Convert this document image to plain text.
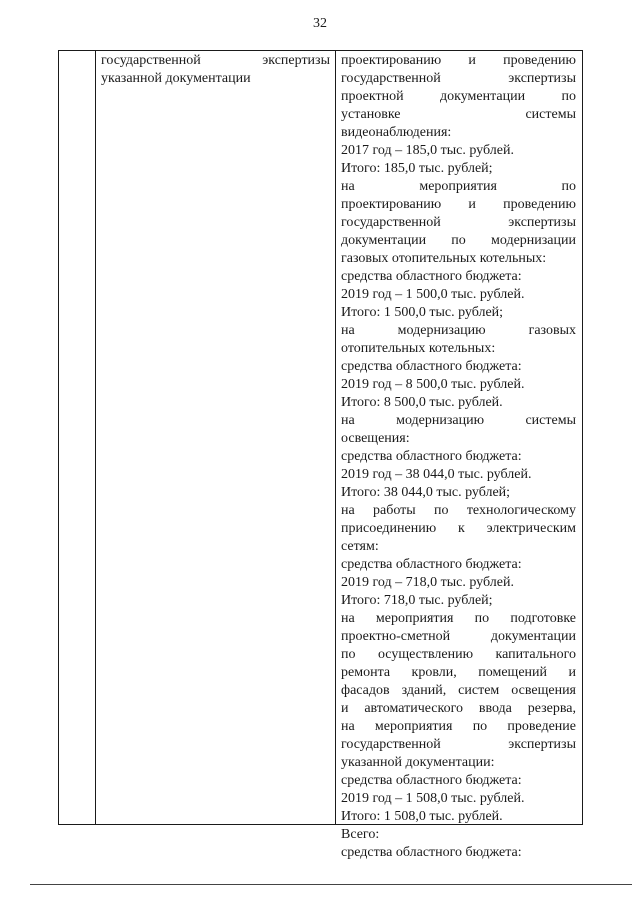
32
государственной экспертизы
указанной документации
проектированию и проведению
государственной экспертизы
проектной документации по
установке системы
видеонаблюдения:
2017 год – 185,0 тыс. рублей.
Итого: 185,0 тыс. рублей;
на мероприятия по
проектированию и проведению
государственной экспертизы
документации по модернизации
газовых отопительных котельных:
средства областного бюджета:
2019 год – 1 500,0 тыс. рублей.
Итого: 1 500,0 тыс. рублей;
на модернизацию газовых
отопительных котельных:
средства областного бюджета:
2019 год – 8 500,0 тыс. рублей.
Итого: 8 500,0 тыс. рублей.
на модернизацию системы
освещения:
средства областного бюджета:
2019 год – 38 044,0 тыс. рублей.
Итого: 38 044,0 тыс. рублей;
на работы по технологическому
присоединению к электрическим
сетям:
средства областного бюджета:
2019 год – 718,0 тыс. рублей.
Итого: 718,0 тыс. рублей;
на мероприятия по подготовке
проектно-сметной документации
по осуществлению капитального
ремонта кровли, помещений и
фасадов зданий, систем освещения
и автоматического ввода резерва,
на мероприятия по проведение
государственной экспертизы
указанной документации:
средства областного бюджета:
2019 год – 1 508,0 тыс. рублей.
Итого: 1 508,0 тыс. рублей.
Всего:
средства областного бюджета:
